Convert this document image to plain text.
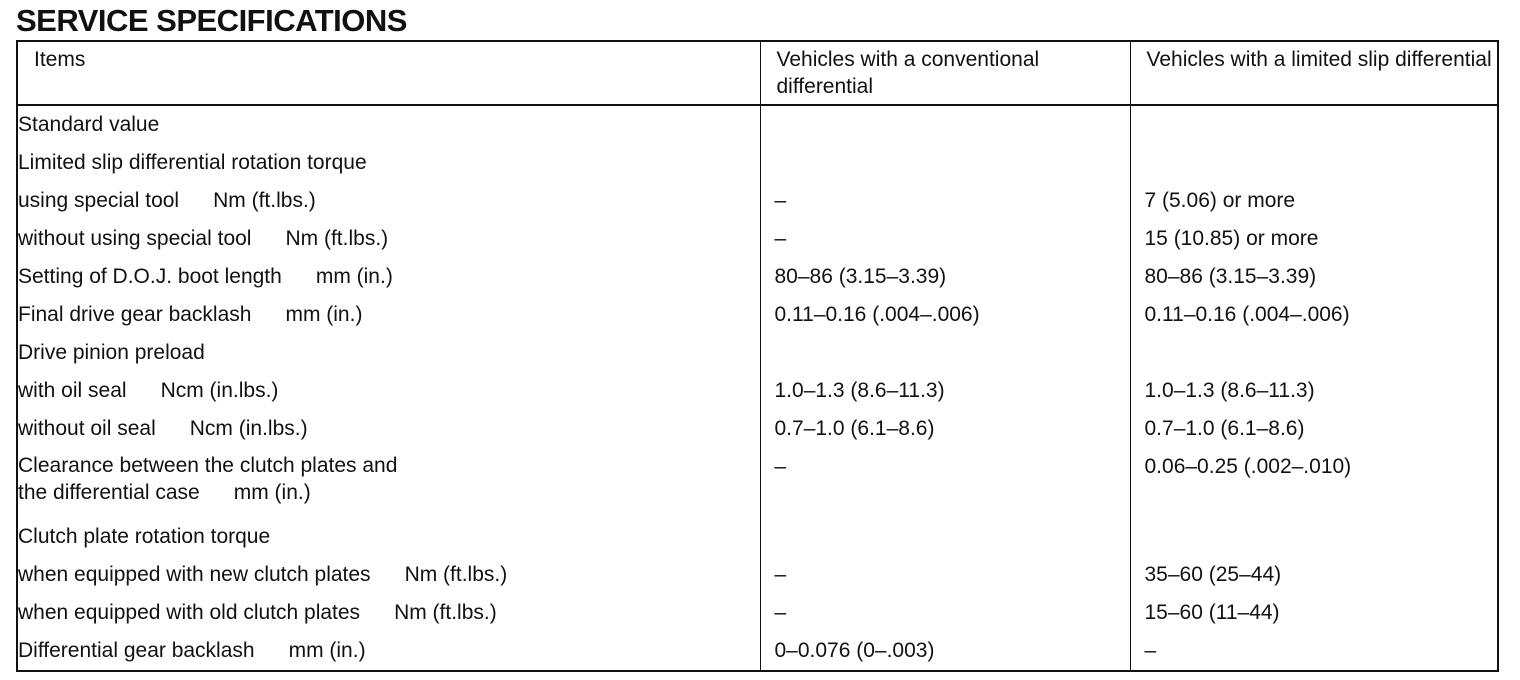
SERVICE SPECIFICATIONS
Items	Vehicles with a conventional differential	Vehicles with a limited slip differential
Standard value		
Limited slip differential rotation torque		
using special tool Nm (ft.lbs.)	–	7 (5.06) or more
without using special tool Nm (ft.lbs.)	–	15 (10.85) or more
Setting of D.O.J. boot length mm (in.)	80–86 (3.15–3.39)	80–86 (3.15–3.39)
Final drive gear backlash mm (in.)	0.11–0.16 (.004–.006)	0.11–0.16 (.004–.006)
Drive pinion preload		
with oil seal Ncm (in.lbs.)	1.0–1.3 (8.6–11.3)	1.0–1.3 (8.6–11.3)
without oil seal Ncm (in.lbs.)	0.7–1.0 (6.1–8.6)	0.7–1.0 (6.1–8.6)
Clearance between the clutch plates and
the differential case mm (in.)	–	0.06–0.25 (.002–.010)
Clutch plate rotation torque		
when equipped with new clutch plates Nm (ft.lbs.)	–	35–60 (25–44)
when equipped with old clutch plates Nm (ft.lbs.)	–	15–60 (11–44)
Differential gear backlash mm (in.)	0–0.076 (0–.003)	–
